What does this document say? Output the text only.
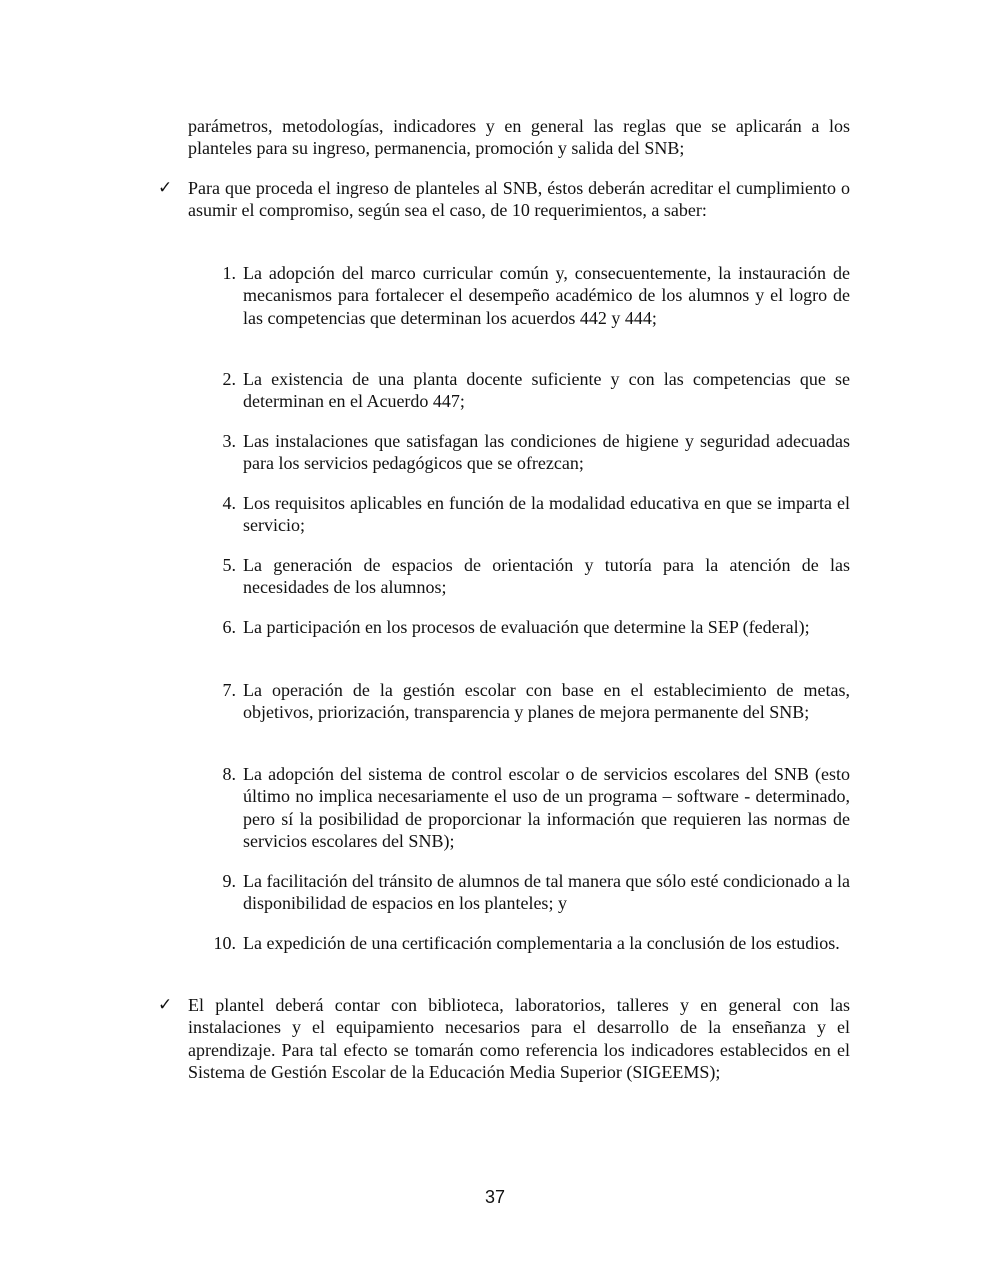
parámetros, metodologías, indicadores y en general las reglas que se aplicarán a los planteles para su ingreso, permanencia, promoción y salida del SNB;

✓ Para que proceda el ingreso de planteles al SNB, éstos deberán acreditar el cumplimiento o asumir el compromiso, según sea el caso, de 10 requerimientos, a saber:

1. La adopción del marco curricular común y, consecuentemente, la instauración de mecanismos para fortalecer el desempeño académico de los alumnos y el logro de las competencias que determinan los acuerdos 442 y 444;

2. La existencia de una planta docente suficiente y con las competencias que se determinan en el Acuerdo 447;

3. Las instalaciones que satisfagan las condiciones de higiene y seguridad adecuadas para los servicios pedagógicos que se ofrezcan;

4. Los requisitos aplicables en función de la modalidad educativa en que se imparta el servicio;

5. La generación de espacios de orientación y tutoría para la atención de las necesidades de los alumnos;

6. La participación en los procesos de evaluación que determine la SEP (federal);

7. La operación de la gestión escolar con base en el establecimiento de metas, objetivos, priorización, transparencia y planes de mejora permanente del SNB;

8. La adopción del sistema de control escolar o de servicios escolares del SNB (esto último no implica necesariamente el uso de un programa – software - determinado, pero sí la posibilidad de proporcionar la información que requieren las normas de servicios escolares del SNB);

9. La facilitación del tránsito de alumnos de tal manera que sólo esté condicionado a la disponibilidad de espacios en los planteles; y

10. La expedición de una certificación complementaria a la conclusión de los estudios.

✓ El plantel deberá contar con biblioteca, laboratorios, talleres y en general con las instalaciones y el equipamiento necesarios para el desarrollo de la enseñanza y el aprendizaje. Para tal efecto se tomarán como referencia los indicadores establecidos en el Sistema de Gestión Escolar de la Educación Media Superior (SIGEEMS);

37
